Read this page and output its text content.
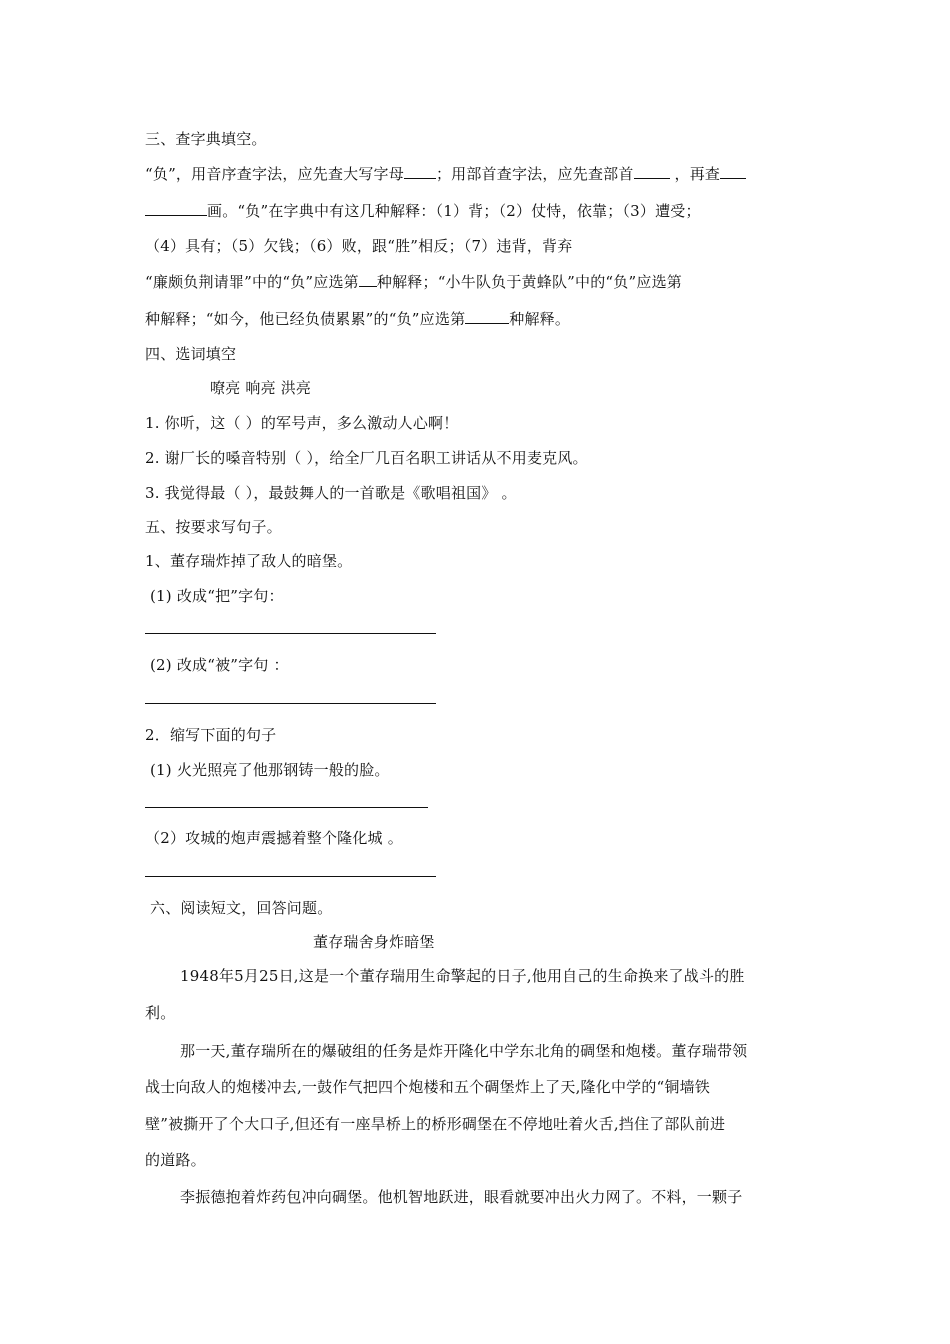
三、查字典填空。
“负”，用音序查字法，应先查大写字母 ；用部首查字法，应先查部首 ，再查
画。“负”在字典中有这几种解释：（1）背；（2）仗恃，依靠；（3）遭受；
（4）具有；（5）欠钱；（6）败，跟“胜”相反；（7）违背，背弃
“廉颇负荆请罪”中的“负”应选第 种解释；“小牛队负于黄蜂队”中的“负”应选第
种解释；“如今，他已经负债累累”的“负”应选第	种解释。
四、选词填空
嘹亮 响亮 洪亮
1. 你听，这（ ）的军号声，多么激动人心啊！
2. 谢厂长的嗓音特别（ ），给全厂几百名职工讲话从不用麦克风。
3. 我觉得最（ ），最鼓舞人的一首歌是《歌唱祖国》 。
五、按要求写句子。
1、董存瑞炸掉了敌人的暗堡。
(1) 改成“把”字句：
(2) 改成“被”字句 ：
2．缩写下面的句子
(1) 火光照亮了他那钢铸一般的脸。
（2）攻城的炮声震撼着整个隆化城 。
六、阅读短文，回答问题。
董存瑞舍身炸暗堡
1948年5月25日,这是一个董存瑞用生命擎起的日子,他用自己的生命换来了战斗的胜
利。
那一天,董存瑞所在的爆破组的任务是炸开隆化中学东北角的碉堡和炮楼。董存瑞带领
战士向敌人的炮楼冲去,一鼓作气把四个炮楼和五个碉堡炸上了天,隆化中学的“铜墙铁
壁”被撕开了个大口子,但还有一座旱桥上的桥形碉堡在不停地吐着火舌,挡住了部队前进
的道路。
李振德抱着炸药包冲向碉堡。他机智地跃进，眼看就要冲出火力网了。不料，一颗子
